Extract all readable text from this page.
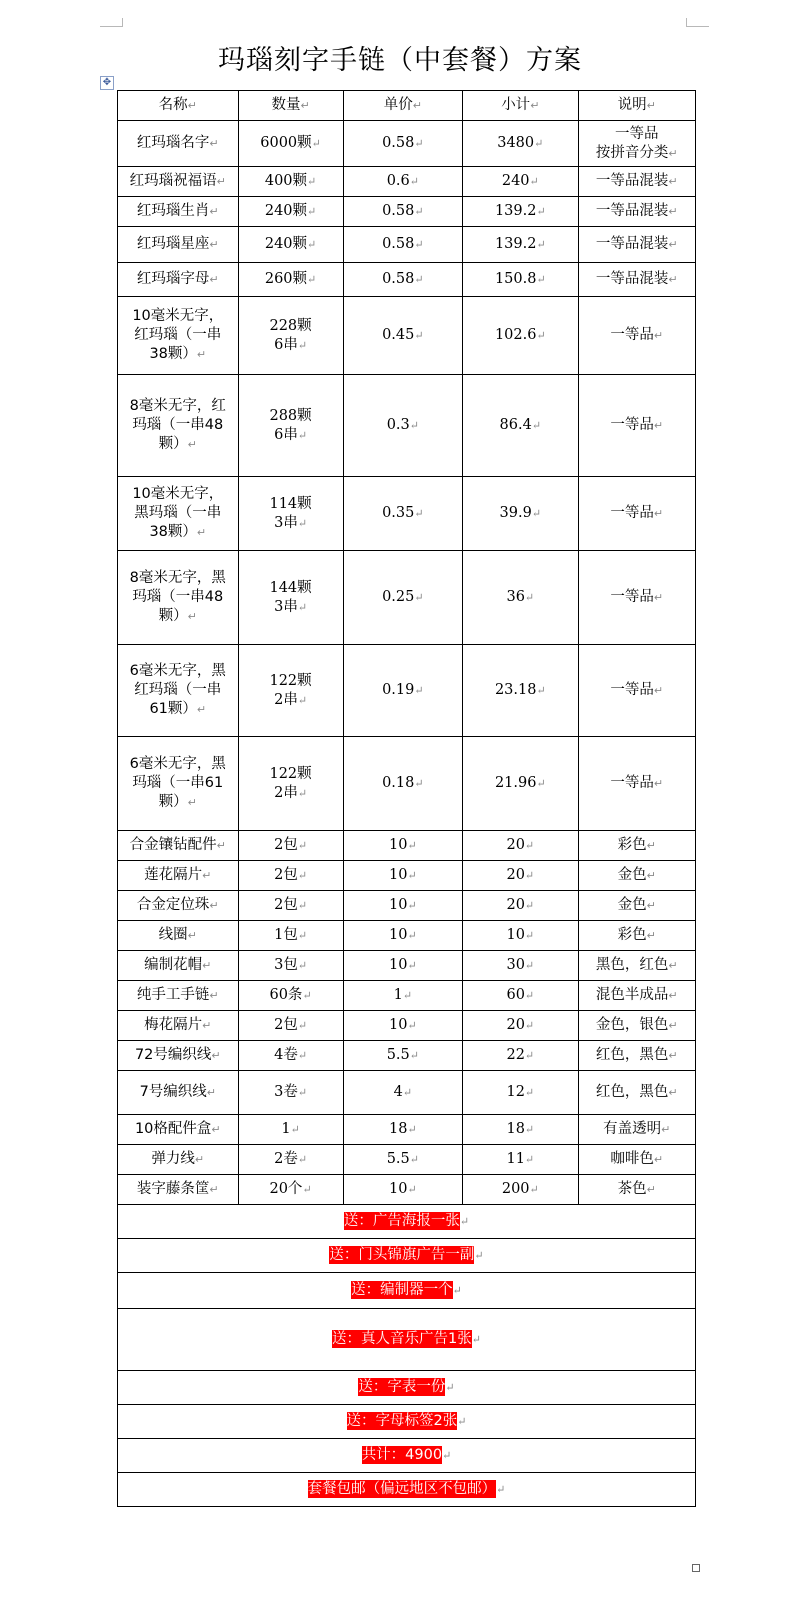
玛瑙刻字手链（中套餐）方案
✥
名称↵	数量↵	单价↵	小计↵	说明↵
红玛瑙名字↵	6000颗↵	0.58↵	3480↵	一等品
按拼音分类↵
红玛瑙祝福语↵	400颗↵	0.6↵	240↵	一等品混装↵
红玛瑙生肖↵	240颗↵	0.58↵	139.2↵	一等品混装↵
红玛瑙星座↵	240颗↵	0.58↵	139.2↵	一等品混装↵
红玛瑙字母↵	260颗↵	0.58↵	150.8↵	一等品混装↵
10毫米无字，
红玛瑙（一串
38颗）↵	228颗
6串↵	0.45↵	102.6↵	一等品↵
8毫米无字，红
玛瑙（一串48
颗）↵	288颗
6串↵	0.3↵	86.4↵	一等品↵
10毫米无字，
黑玛瑙（一串
38颗）↵	114颗
3串↵	0.35↵	39.9↵	一等品↵
8毫米无字，黑
玛瑙（一串48
颗）↵	144颗
3串↵	0.25↵	36↵	一等品↵
6毫米无字，黑
红玛瑙（一串
61颗）↵	122颗
2串↵	0.19↵	23.18↵	一等品↵
6毫米无字，黑
玛瑙（一串61
颗）↵	122颗
2串↵	0.18↵	21.96↵	一等品↵
合金镶钻配件↵	2包↵	10↵	20↵	彩色↵
莲花隔片↵	2包↵	10↵	20↵	金色↵
合金定位珠↵	2包↵	10↵	20↵	金色↵
线圈↵	1包↵	10↵	10↵	彩色↵
编制花帽↵	3包↵	10↵	30↵	黑色，红色↵
纯手工手链↵	60条↵	1↵	60↵	混色半成品↵
梅花隔片↵	2包↵	10↵	20↵	金色，银色↵
72号编织线↵	4卷↵	5.5↵	22↵	红色，黑色↵
7号编织线↵	3卷↵	4↵	12↵	红色，黑色↵
10格配件盒↵	1↵	18↵	18↵	有盖透明↵
弹力线↵	2卷↵	5.5↵	11↵	咖啡色↵
装字藤条筐↵	20个↵	10↵	200↵	茶色↵
送：广告海报一张↵				
送：门头锦旗广告一副↵				
送：编制器一个↵				
送：真人音乐广告1张↵				
送：字表一份↵				
送：字母标签2张↵				
共计：4900↵				
套餐包邮（偏远地区不包邮）↵				
